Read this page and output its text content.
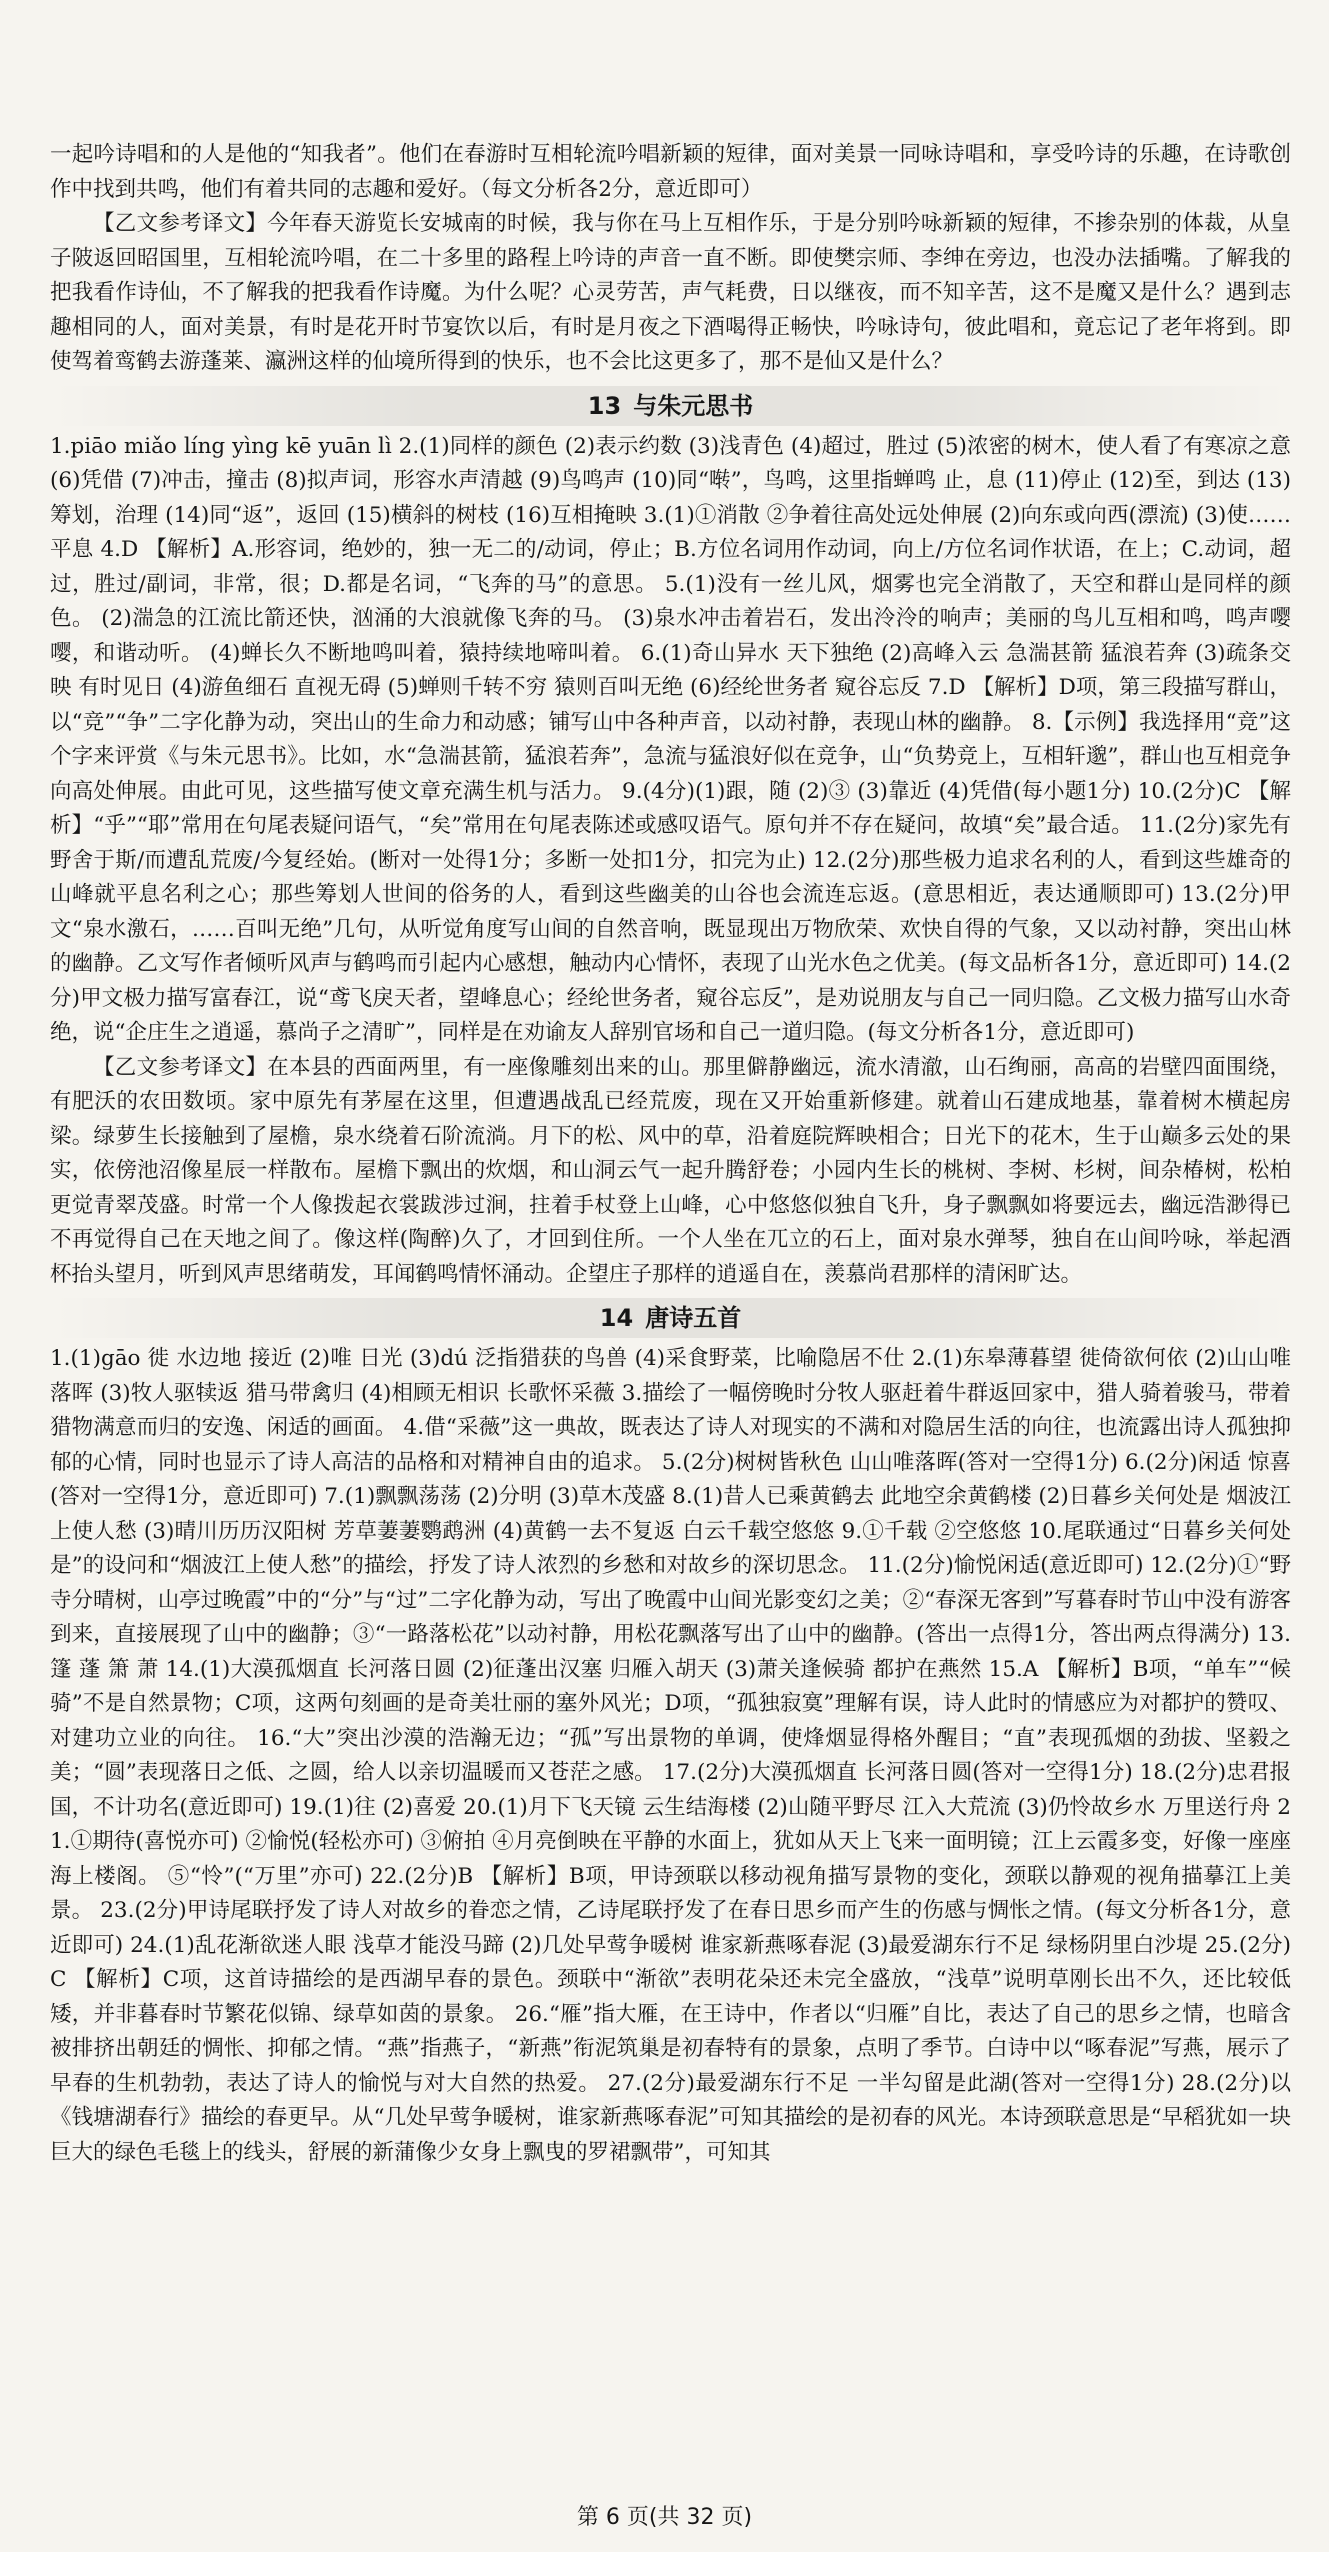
一起吟诗唱和的人是他的“知我者”。他们在春游时互相轮流吟唱新颖的短律，面对美景一同咏诗唱和，享受吟诗的乐趣，在诗歌创作中找到共鸣，他们有着共同的志趣和爱好。（每文分析各2分，意近即可）

【乙文参考译文】今年春天游览长安城南的时候，我与你在马上互相作乐，于是分别吟咏新颖的短律，不掺杂别的体裁，从皇子陂返回昭国里，互相轮流吟唱，在二十多里的路程上吟诗的声音一直不断。即使樊宗师、李绅在旁边，也没办法插嘴。了解我的把我看作诗仙，不了解我的把我看作诗魔。为什么呢？心灵劳苦，声气耗费，日以继夜，而不知辛苦，这不是魔又是什么？遇到志趣相同的人，面对美景，有时是花开时节宴饮以后，有时是月夜之下酒喝得正畅快，吟咏诗句，彼此唱和，竟忘记了老年将到。即使驾着鸾鹤去游蓬莱、瀛洲这样的仙境所得到的快乐，也不会比这更多了，那不是仙又是什么？

13 与朱元思书

1.piāo miǎo líng yìng kē yuān lì 2.(1)同样的颜色 (2)表示约数 (3)浅青色 (4)超过，胜过 (5)浓密的树木，使人看了有寒凉之意 (6)凭借 (7)冲击，撞击 (8)拟声词，形容水声清越 (9)鸟鸣声 (10)同“啭”，鸟鸣，这里指蝉鸣 止，息 (11)停止 (12)至，到达 (13)筹划，治理 (14)同“返”，返回 (15)横斜的树枝 (16)互相掩映 3.(1)①消散 ②争着往高处远处伸展 (2)向东或向西(漂流) (3)使……平息 4.D 【解析】A.形容词，绝妙的，独一无二的/动词，停止；B.方位名词用作动词，向上/方位名词作状语，在上；C.动词，超过，胜过/副词，非常，很；D.都是名词，“飞奔的马”的意思。 5.(1)没有一丝儿风，烟雾也完全消散了，天空和群山是同样的颜色。 (2)湍急的江流比箭还快，汹涌的大浪就像飞奔的马。 (3)泉水冲击着岩石，发出泠泠的响声；美丽的鸟儿互相和鸣，鸣声嘤嘤，和谐动听。 (4)蝉长久不断地鸣叫着，猿持续地啼叫着。 6.(1)奇山异水 天下独绝 (2)高峰入云 急湍甚箭 猛浪若奔 (3)疏条交映 有时见日 (4)游鱼细石 直视无碍 (5)蝉则千转不穷 猿则百叫无绝 (6)经纶世务者 窥谷忘反 7.D 【解析】D项，第三段描写群山，以“竞”“争”二字化静为动，突出山的生命力和动感；铺写山中各种声音，以动衬静，表现山林的幽静。 8.【示例】我选择用“竞”这个字来评赏《与朱元思书》。比如，水“急湍甚箭，猛浪若奔”，急流与猛浪好似在竞争，山“负势竞上，互相轩邈”，群山也互相竞争向高处伸展。由此可见，这些描写使文章充满生机与活力。 9.(4分)(1)跟，随 (2)③ (3)靠近 (4)凭借(每小题1分) 10.(2分)C 【解析】“乎”“耶”常用在句尾表疑问语气，“矣”常用在句尾表陈述或感叹语气。原句并不存在疑问，故填“矣”最合适。 11.(2分)家先有野舍于斯/而遭乱荒废/今复经始。(断对一处得1分；多断一处扣1分，扣完为止) 12.(2分)那些极力追求名利的人，看到这些雄奇的山峰就平息名利之心；那些筹划人世间的俗务的人，看到这些幽美的山谷也会流连忘返。(意思相近，表达通顺即可) 13.(2分)甲文“泉水激石，……百叫无绝”几句，从听觉角度写山间的自然音响，既显现出万物欣荣、欢快自得的气象，又以动衬静，突出山林的幽静。乙文写作者倾听风声与鹤鸣而引起内心感想，触动内心情怀，表现了山光水色之优美。(每文品析各1分，意近即可) 14.(2分)甲文极力描写富春江，说“鸢飞戾天者，望峰息心；经纶世务者，窥谷忘反”，是劝说朋友与自己一同归隐。乙文极力描写山水奇绝，说“企庄生之逍遥，慕尚子之清旷”，同样是在劝谕友人辞别官场和自己一道归隐。(每文分析各1分，意近即可)

【乙文参考译文】在本县的西面两里，有一座像雕刻出来的山。那里僻静幽远，流水清澈，山石绚丽，高高的岩壁四面围绕，有肥沃的农田数顷。家中原先有茅屋在这里，但遭遇战乱已经荒废，现在又开始重新修建。就着山石建成地基，靠着树木横起房梁。绿萝生长接触到了屋檐，泉水绕着石阶流淌。月下的松、风中的草，沿着庭院辉映相合；日光下的花木，生于山巅多云处的果实，依傍池沼像星辰一样散布。屋檐下飘出的炊烟，和山洞云气一起升腾舒卷；小园内生长的桃树、李树、杉树，间杂椿树，松柏更觉青翠茂盛。时常一个人像拨起衣裳跋涉过涧，拄着手杖登上山峰，心中悠悠似独自飞升，身子飘飘如将要远去，幽远浩渺得已不再觉得自己在天地之间了。像这样(陶醉)久了，才回到住所。一个人坐在兀立的石上，面对泉水弹琴，独自在山间吟咏，举起酒杯抬头望月，听到风声思绪萌发，耳闻鹤鸣情怀涌动。企望庄子那样的逍遥自在，羡慕尚君那样的清闲旷达。

14 唐诗五首

1.(1)gāo 徙 水边地 接近 (2)唯 日光 (3)dú 泛指猎获的鸟兽 (4)采食野菜，比喻隐居不仕 2.(1)东皋薄暮望 徙倚欲何依 (2)山山唯落晖 (3)牧人驱犊返 猎马带禽归 (4)相顾无相识 长歌怀采薇 3.描绘了一幅傍晚时分牧人驱赶着牛群返回家中，猎人骑着骏马，带着猎物满意而归的安逸、闲适的画面。 4.借“采薇”这一典故，既表达了诗人对现实的不满和对隐居生活的向往，也流露出诗人孤独抑郁的心情，同时也显示了诗人高洁的品格和对精神自由的追求。 5.(2分)树树皆秋色 山山唯落晖(答对一空得1分) 6.(2分)闲适 惊喜(答对一空得1分，意近即可) 7.(1)飘飘荡荡 (2)分明 (3)草木茂盛 8.(1)昔人已乘黄鹤去 此地空余黄鹤楼 (2)日暮乡关何处是 烟波江上使人愁 (3)晴川历历汉阳树 芳草萋萋鹦鹉洲 (4)黄鹤一去不复返 白云千载空悠悠 9.①千载 ②空悠悠 10.尾联通过“日暮乡关何处是”的设问和“烟波江上使人愁”的描绘，抒发了诗人浓烈的乡愁和对故乡的深切思念。 11.(2分)愉悦闲适(意近即可) 12.(2分)①“野寺分晴树，山亭过晚霞”中的“分”与“过”二字化静为动，写出了晚霞中山间光影变幻之美；②“春深无客到”写暮春时节山中没有游客到来，直接展现了山中的幽静；③“一路落松花”以动衬静，用松花飘落写出了山中的幽静。(答出一点得1分，答出两点得满分) 13.篷 蓬 箫 萧 14.(1)大漠孤烟直 长河落日圆 (2)征蓬出汉塞 归雁入胡天 (3)萧关逢候骑 都护在燕然 15.A 【解析】B项，“单车”“候骑”不是自然景物；C项，这两句刻画的是奇美壮丽的塞外风光；D项，“孤独寂寞”理解有误，诗人此时的情感应为对都护的赞叹、对建功立业的向往。 16.“大”突出沙漠的浩瀚无边；“孤”写出景物的单调，使烽烟显得格外醒目；“直”表现孤烟的劲拔、坚毅之美；“圆”表现落日之低、之圆，给人以亲切温暖而又苍茫之感。 17.(2分)大漠孤烟直 长河落日圆(答对一空得1分) 18.(2分)忠君报国，不计功名(意近即可) 19.(1)往 (2)喜爱 20.(1)月下飞天镜 云生结海楼 (2)山随平野尽 江入大荒流 (3)仍怜故乡水 万里送行舟 21.①期待(喜悦亦可) ②愉悦(轻松亦可) ③俯拍 ④月亮倒映在平静的水面上，犹如从天上飞来一面明镜；江上云霞多变，好像一座座海上楼阁。 ⑤“怜”(“万里”亦可) 22.(2分)B 【解析】B项，甲诗颈联以移动视角描写景物的变化，颈联以静观的视角描摹江上美景。 23.(2分)甲诗尾联抒发了诗人对故乡的眷恋之情，乙诗尾联抒发了在春日思乡而产生的伤感与惆怅之情。(每文分析各1分，意近即可) 24.(1)乱花渐欲迷人眼 浅草才能没马蹄 (2)几处早莺争暖树 谁家新燕啄春泥 (3)最爱湖东行不足 绿杨阴里白沙堤 25.(2分)C 【解析】C项，这首诗描绘的是西湖早春的景色。颈联中“渐欲”表明花朵还未完全盛放，“浅草”说明草刚长出不久，还比较低矮，并非暮春时节繁花似锦、绿草如茵的景象。 26.“雁”指大雁，在王诗中，作者以“归雁”自比，表达了自己的思乡之情，也暗含被排挤出朝廷的惆怅、抑郁之情。“燕”指燕子，“新燕”衔泥筑巢是初春特有的景象，点明了季节。白诗中以“啄春泥”写燕，展示了早春的生机勃勃，表达了诗人的愉悦与对大自然的热爱。 27.(2分)最爱湖东行不足 一半勾留是此湖(答对一空得1分) 28.(2分)以《钱塘湖春行》描绘的春更早。从“几处早莺争暖树，谁家新燕啄春泥”可知其描绘的是初春的风光。本诗颈联意思是“早稻犹如一块巨大的绿色毛毯上的线头，舒展的新蒲像少女身上飘曳的罗裙飘带”，可知其

第 6 页(共 32 页)
